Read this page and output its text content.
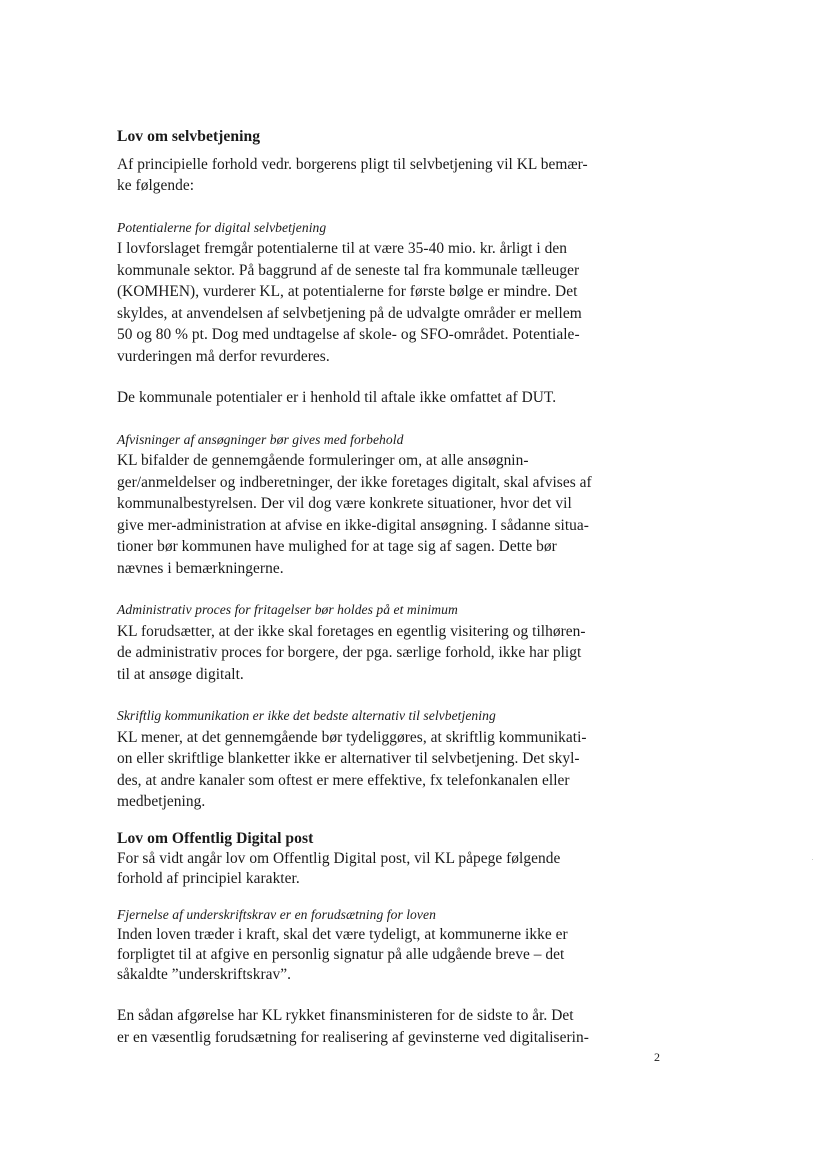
Lov om selvbetjening
Af principielle forhold vedr. borgerens pligt til selvbetjening vil KL bemær-
ke følgende:
Potentialerne for digital selvbetjening
I lovforslaget fremgår potentialerne til at være 35-40 mio. kr. årligt i den
kommunale sektor. På baggrund af de seneste tal fra kommunale tælleuger
(KOMHEN), vurderer KL, at potentialerne for første bølge er mindre. Det
skyldes, at anvendelsen af selvbetjening på de udvalgte områder er mellem
50 og 80 % pt. Dog med undtagelse af skole- og SFO-området. Potentiale-
vurderingen må derfor revurderes.
De kommunale potentialer er i henhold til aftale ikke omfattet af DUT.
Afvisninger af ansøgninger bør gives med forbehold
KL bifalder de gennemgående formuleringer om, at alle ansøgnin-
ger/anmeldelser og indberetninger, der ikke foretages digitalt, skal afvises af
kommunalbestyrelsen. Der vil dog være konkrete situationer, hvor det vil
give mer-administration at afvise en ikke-digital ansøgning. I sådanne situa-
tioner bør kommunen have mulighed for at tage sig af sagen. Dette bør
nævnes i bemærkningerne.
Administrativ proces for fritagelser bør holdes på et minimum
KL forudsætter, at der ikke skal foretages en egentlig visitering og tilhøren-
de administrativ proces for borgere, der pga. særlige forhold, ikke har pligt
til at ansøge digitalt.
Skriftlig kommunikation er ikke det bedste alternativ til selvbetjening
KL mener, at det gennemgående bør tydeliggøres, at skriftlig kommunikati-
on eller skriftlige blanketter ikke er alternativer til selvbetjening. Det skyl-
des, at andre kanaler som oftest er mere effektive, fx telefonkanalen eller
medbetjening.
Lov om Offentlig Digital post
For så vidt angår lov om Offentlig Digital post, vil KL påpege følgende
forhold af principiel karakter.
Fjernelse af underskriftskrav er en forudsætning for loven
Inden loven træder i kraft, skal det være tydeligt, at kommunerne ikke er
forpligtet til at afgive en personlig signatur på alle udgående breve – det
såkaldte ”underskriftskrav”.
En sådan afgørelse har KL rykket finansministeren for de sidste to år. Det
er en væsentlig forudsætning for realisering af gevinsterne ved digitaliserin-
2
